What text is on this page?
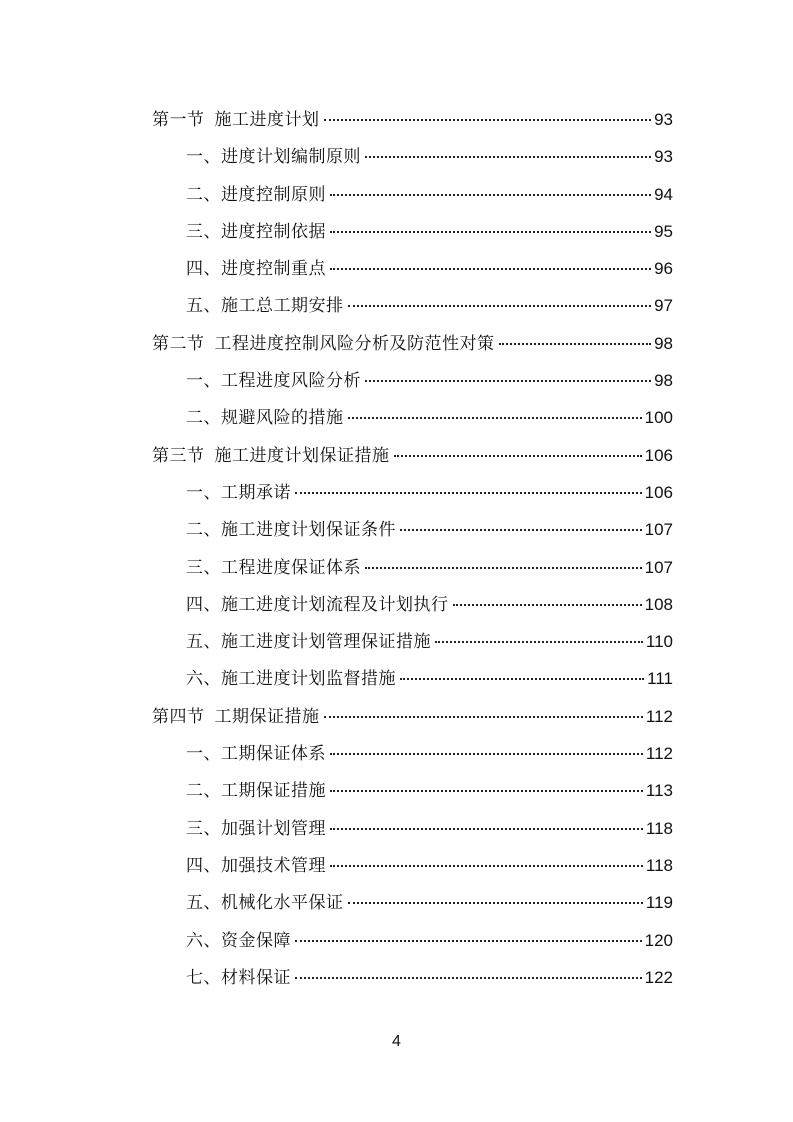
第一节 施工进度计划	93
一、进度计划编制原则	93
二、进度控制原则	94
三、进度控制依据	95
四、进度控制重点	96
五、施工总工期安排	97
第二节 工程进度控制风险分析及防范性对策	98
一、工程进度风险分析	98
二、规避风险的措施	100
第三节 施工进度计划保证措施	106
一、工期承诺	106
二、施工进度计划保证条件	107
三、工程进度保证体系	107
四、施工进度计划流程及计划执行	108
五、施工进度计划管理保证措施	110
六、施工进度计划监督措施	111
第四节 工期保证措施	112
一、工期保证体系	112
二、工期保证措施	113
三、加强计划管理	118
四、加强技术管理	118
五、机械化水平保证	119
六、资金保障	120
七、材料保证	122
4
